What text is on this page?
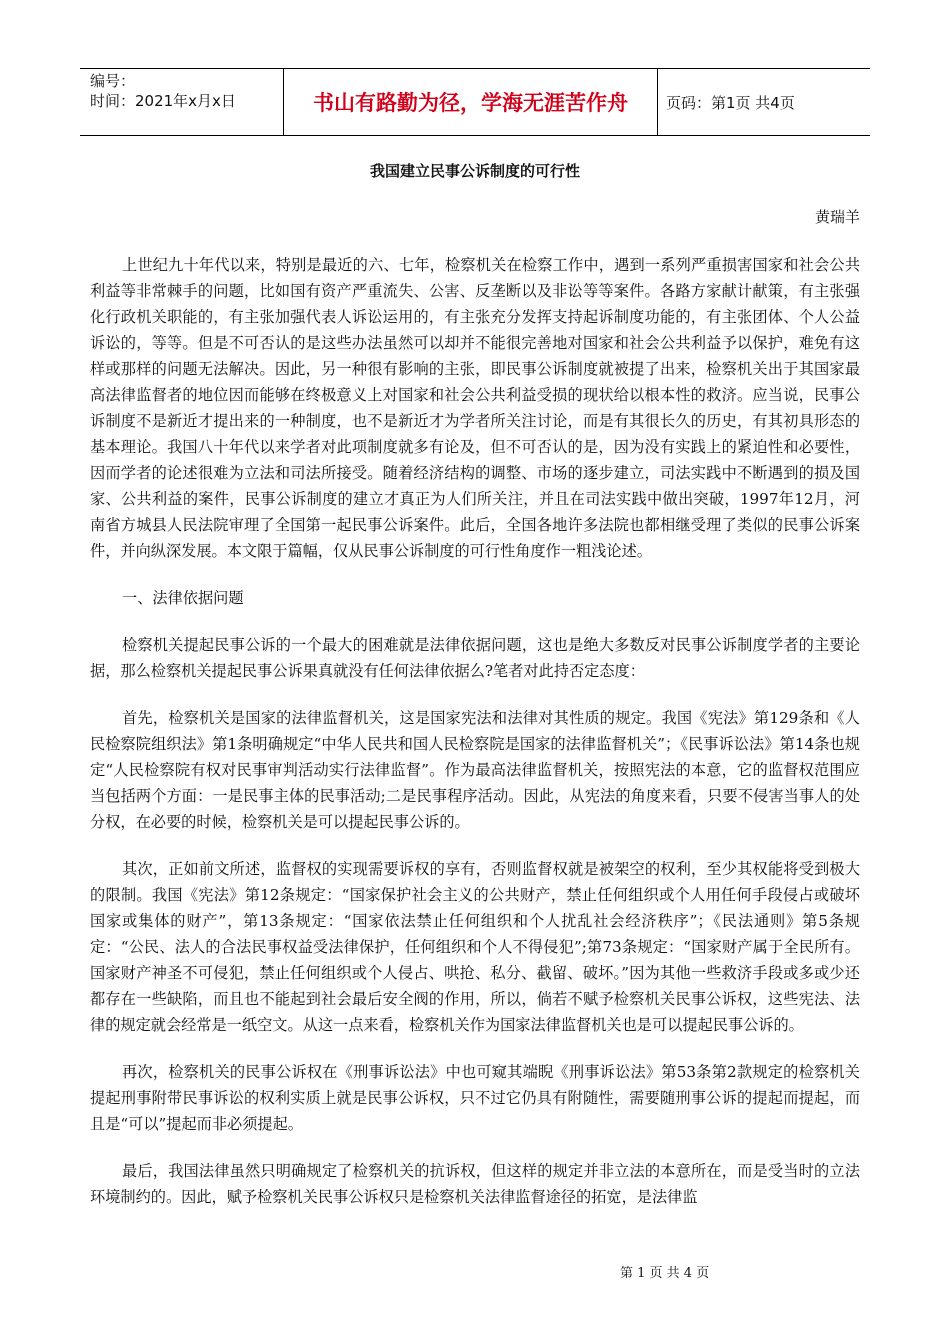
编号：
时间：2021年x月x日	书山有路勤为径，学海无涯苦作舟	页码：第1页 共4页
我国建立民事公诉制度的可行性
黄瑞羊

上世纪九十年代以来，特别是最近的六、七年，检察机关在检察工作中，遇到一系列严重损害国家和社会公共利益等非常棘手的问题，比如国有资产严重流失、公害、反垄断以及非讼等等案件。各路方家献计献策，有主张强化行政机关职能的，有主张加强代表人诉讼运用的，有主张充分发挥支持起诉制度功能的，有主张团体、个人公益诉讼的，等等。但是不可否认的是这些办法虽然可以却并不能很完善地对国家和社会公共利益予以保护，难免有这样或那样的问题无法解决。因此，另一种很有影响的主张，即民事公诉制度就被提了出来，检察机关出于其国家最高法律监督者的地位因而能够在终极意义上对国家和社会公共利益受损的现状给以根本性的救济。应当说，民事公诉制度不是新近才提出来的一种制度，也不是新近才为学者所关注讨论，而是有其很长久的历史，有其初具形态的基本理论。我国八十年代以来学者对此项制度就多有论及，但不可否认的是，因为没有实践上的紧迫性和必要性，因而学者的论述很难为立法和司法所接受。随着经济结构的调整、市场的逐步建立，司法实践中不断遇到的损及国家、公共利益的案件，民事公诉制度的建立才真正为人们所关注，并且在司法实践中做出突破，1997年12月，河南省方城县人民法院审理了全国第一起民事公诉案件。此后，全国各地许多法院也都相继受理了类似的民事公诉案件，并向纵深发展。本文限于篇幅，仅从民事公诉制度的可行性角度作一粗浅论述。

一、法律依据问题

检察机关提起民事公诉的一个最大的困难就是法律依据问题，这也是绝大多数反对民事公诉制度学者的主要论据，那么检察机关提起民事公诉果真就没有任何法律依据么?笔者对此持否定态度：

首先，检察机关是国家的法律监督机关，这是国家宪法和法律对其性质的规定。我国《宪法》第129条和《人民检察院组织法》第1条明确规定“中华人民共和国人民检察院是国家的法律监督机关”；《民事诉讼法》第14条也规定“人民检察院有权对民事审判活动实行法律监督”。作为最高法律监督机关，按照宪法的本意，它的监督权范围应当包括两个方面：一是民事主体的民事活动;二是民事程序活动。因此，从宪法的角度来看，只要不侵害当事人的处分权，在必要的时候，检察机关是可以提起民事公诉的。

其次，正如前文所述，监督权的实现需要诉权的享有，否则监督权就是被架空的权利，至少其权能将受到极大的限制。我国《宪法》第12条规定：“国家保护社会主义的公共财产，禁止任何组织或个人用任何手段侵占或破坏国家或集体的财产”，第13条规定：“国家依法禁止任何组织和个人扰乱社会经济秩序”；《民法通则》第5条规定：“公民、法人的合法民事权益受法律保护，任何组织和个人不得侵犯”;第73条规定：“国家财产属于全民所有。国家财产神圣不可侵犯，禁止任何组织或个人侵占、哄抢、私分、截留、破坏。”因为其他一些救济手段或多或少还都存在一些缺陷，而且也不能起到社会最后安全阀的作用，所以，倘若不赋予检察机关民事公诉权，这些宪法、法律的规定就会经常是一纸空文。从这一点来看，检察机关作为国家法律监督机关也是可以提起民事公诉的。

再次，检察机关的民事公诉权在《刑事诉讼法》中也可窥其端睨《刑事诉讼法》第53条第2款规定的检察机关提起刑事附带民事诉讼的权利实质上就是民事公诉权，只不过它仍具有附随性，需要随刑事公诉的提起而提起，而且是“可以”提起而非必须提起。

最后，我国法律虽然只明确规定了检察机关的抗诉权，但这样的规定并非立法的本意所在，而是受当时的立法环境制约的。因此，赋予检察机关民事公诉权只是检察机关法律监督途径的拓宽，是法律监

第 1 页 共 4 页
